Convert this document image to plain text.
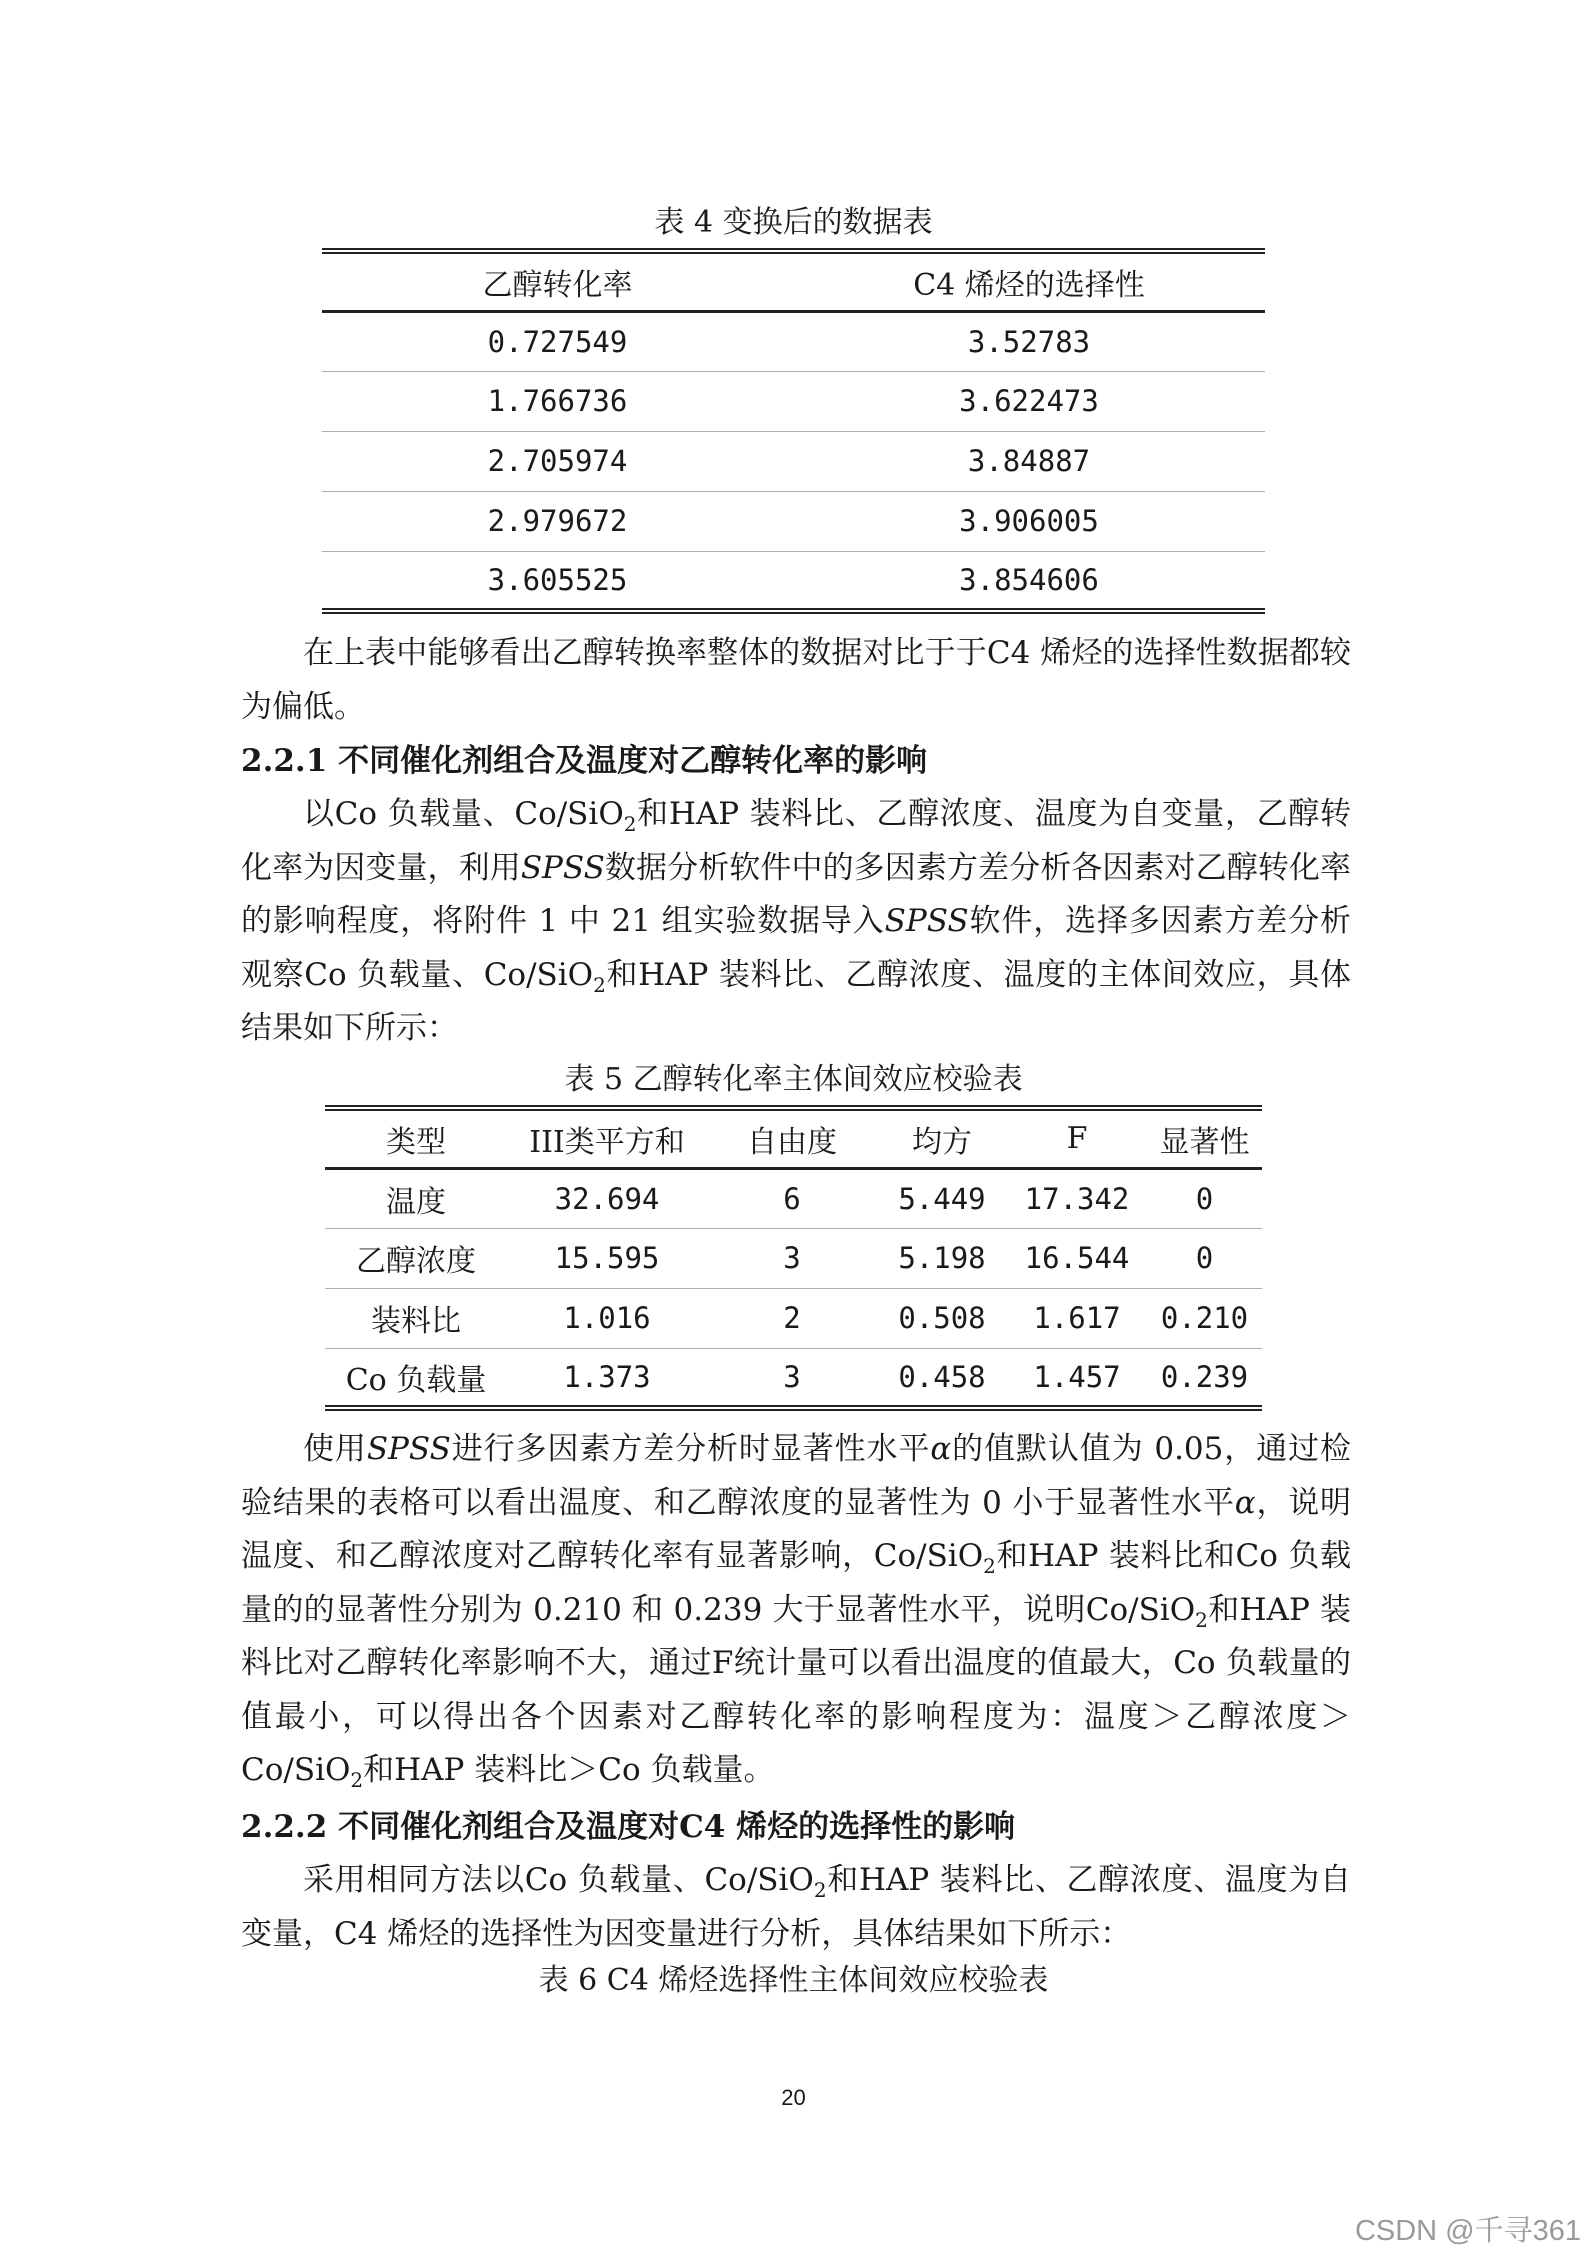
表 4 变换后的数据表
乙醇转化率	C4 烯烃的选择性
0.727549	3.52783
1.766736	3.622473
2.705974	3.84887
2.979672	3.906005
3.605525	3.854606
在上表中能够看出乙醇转换率整体的数据对比于于C4 烯烃的选择性数据都较为偏低。
2.2.1 不同催化剂组合及温度对乙醇转化率的影响
以Co 负载量、Co/SiO$_2$和HAP 装料比、乙醇浓度、温度为自变量，乙醇转化率为因变量，利用SPSS数据分析软件中的多因素方差分析各因素对乙醇转化率的影响程度，将附件 1 中 21 组实验数据导入SPSS软件，选择多因素方差分析观察Co 负载量、Co/SiO$_2$和HAP 装料比、乙醇浓度、温度的主体间效应，具体结果如下所示：
表 5 乙醇转化率主体间效应校验表
类型	III类平方和	自由度	均方	F	显著性
温度	32.694	6	5.449	17.342	0
乙醇浓度	15.595	3	5.198	16.544	0
装料比	1.016	2	0.508	1.617	0.210
Co 负载量	1.373	3	0.458	1.457	0.239
使用SPSS进行多因素方差分析时显著性水平α的值默认值为 0.05，通过检验结果的表格可以看出温度、和乙醇浓度的显著性为 0 小于显著性水平α，说明温度、和乙醇浓度对乙醇转化率有显著影响，Co/SiO$_2$和HAP 装料比和Co 负载量的的显著性分别为 0.210 和 0.239 大于显著性水平，说明Co/SiO$_2$和HAP 装料比对乙醇转化率影响不大，通过F统计量可以看出温度的值最大，Co 负载量的值最小，可以得出各个因素对乙醇转化率的影响程度为：温度＞乙醇浓度＞Co/SiO$_2$和HAP 装料比＞Co 负载量。
2.2.2 不同催化剂组合及温度对C4 烯烃的选择性的影响
采用相同方法以Co 负载量、Co/SiO$_2$和HAP 装料比、乙醇浓度、温度为自变量，C4 烯烃的选择性为因变量进行分析，具体结果如下所示：
表 6 C4 烯烃选择性主体间效应校验表
20
CSDN @千寻361
